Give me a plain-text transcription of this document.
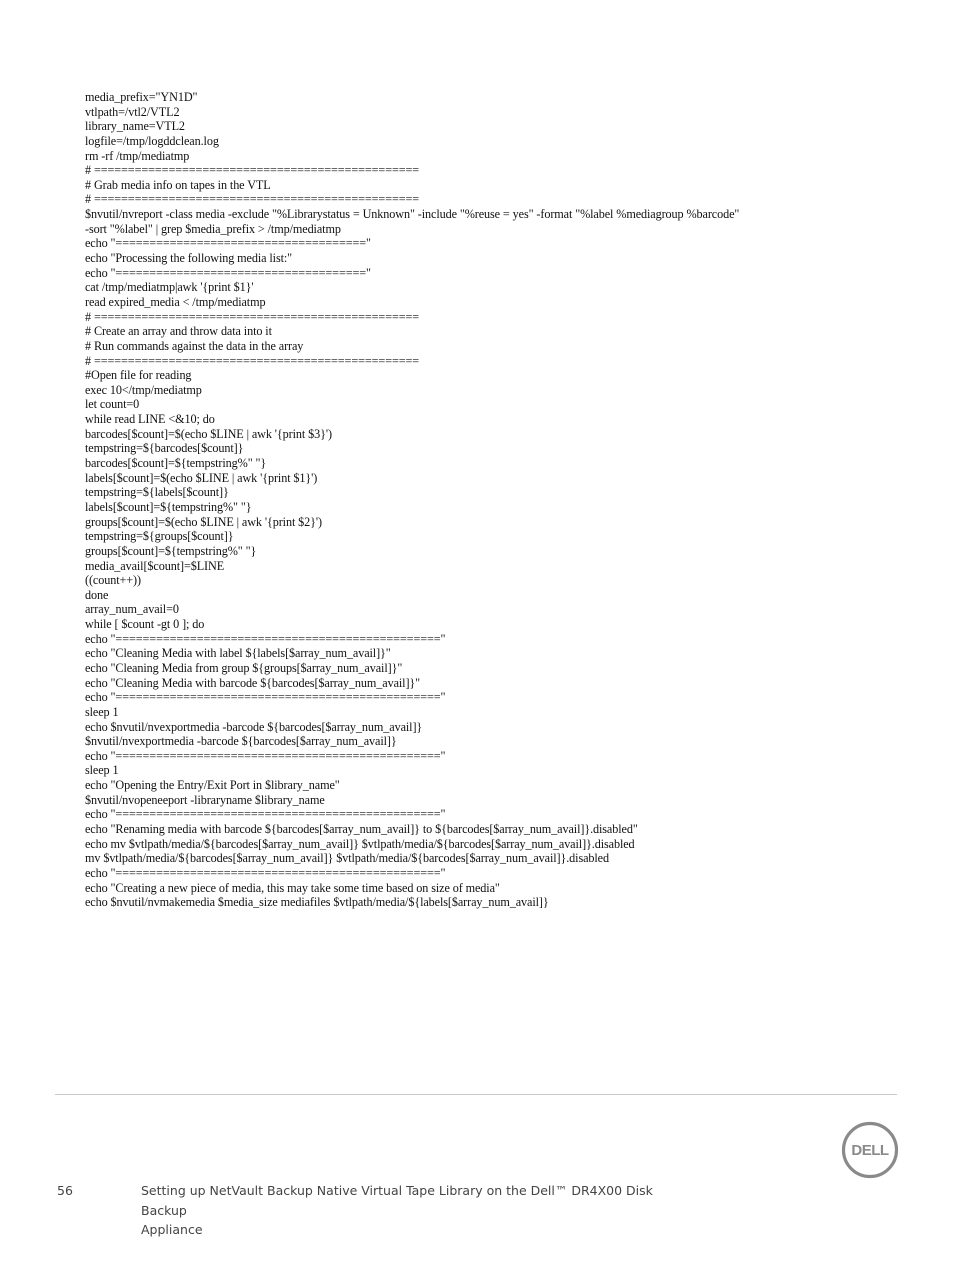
media_prefix="YN1D"
vtlpath=/vtl2/VTL2
library_name=VTL2
logfile=/tmp/logddclean.log
rm -rf /tmp/mediatmp
# ================================================
# Grab media info on tapes in the VTL
# ================================================
$nvutil/nvreport -class media -exclude "%Librarystatus = Unknown" -include "%reuse = yes" -format "%label %mediagroup %barcode"
-sort "%label" | grep $media_prefix > /tmp/mediatmp
echo "====================================="
echo "Processing the following media list:"
echo "====================================="
cat /tmp/mediatmp|awk '{print $1}'
read expired_media < /tmp/mediatmp
# ================================================
# Create an array and throw data into it
# Run commands against the data in the array
# ================================================
#Open file for reading
exec 10</tmp/mediatmp
let count=0
while read LINE <&10; do
barcodes[$count]=$(echo $LINE | awk '{print $3}')
tempstring=${barcodes[$count]}
barcodes[$count]=${tempstring%" "}
labels[$count]=$(echo $LINE | awk '{print $1}')
tempstring=${labels[$count]}
labels[$count]=${tempstring%" "}
groups[$count]=$(echo $LINE | awk '{print $2}')
tempstring=${groups[$count]}
groups[$count]=${tempstring%" "}
media_avail[$count]=$LINE
((count++))
done
array_num_avail=0
while [ $count -gt 0 ]; do
echo "================================================"
echo "Cleaning Media with label ${labels[$array_num_avail]}"
echo "Cleaning Media from group ${groups[$array_num_avail]}"
echo "Cleaning Media with barcode ${barcodes[$array_num_avail]}"
echo "================================================"
sleep 1
echo $nvutil/nvexportmedia -barcode ${barcodes[$array_num_avail]}
$nvutil/nvexportmedia -barcode ${barcodes[$array_num_avail]}
echo "================================================"
sleep 1
echo "Opening the Entry/Exit Port in $library_name"
$nvutil/nvopeneeport -libraryname $library_name
echo "================================================"
echo "Renaming media with barcode ${barcodes[$array_num_avail]} to ${barcodes[$array_num_avail]}.disabled"
echo mv $vtlpath/media/${barcodes[$array_num_avail]} $vtlpath/media/${barcodes[$array_num_avail]}.disabled
mv $vtlpath/media/${barcodes[$array_num_avail]} $vtlpath/media/${barcodes[$array_num_avail]}.disabled
echo "================================================"
echo "Creating a new piece of media, this may take some time based on size of media"
echo $nvutil/nvmakemedia $media_size mediafiles $vtlpath/media/${labels[$array_num_avail]}
56	Setting up NetVault Backup Native Virtual Tape Library on the Dell™ DR4X00 Disk Backup
Appliance
DELL
